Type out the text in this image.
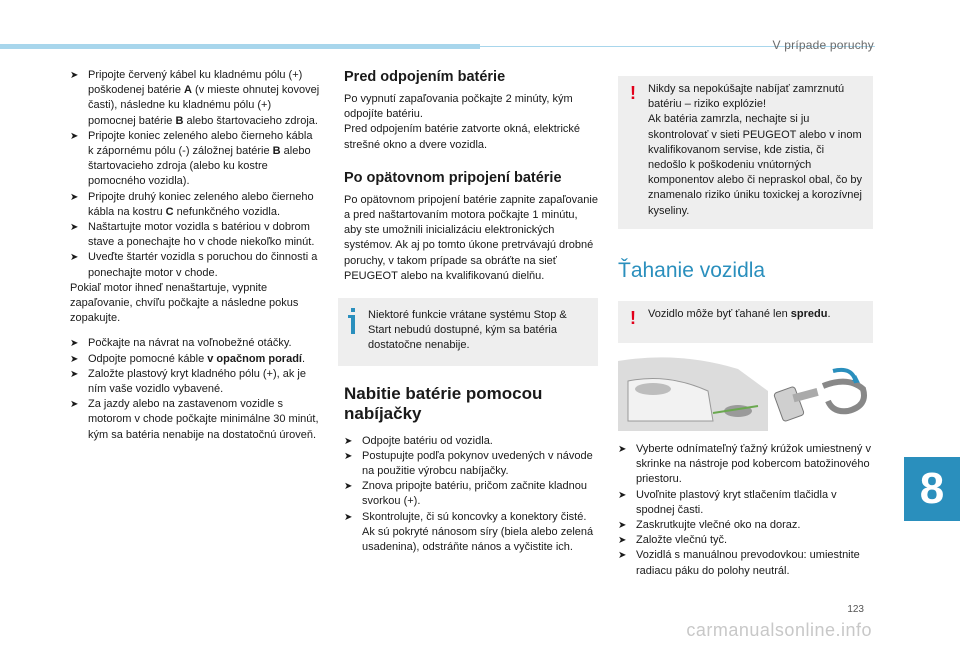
V prípade poruchy
➤ Pripojte červený kábel ku kladnému pólu (+) poškodenej batérie A (v mieste ohnutej kovovej časti), následne ku kladnému pólu (+) pomocnej batérie B alebo štartovacieho zdroja.
➤ Pripojte koniec zeleného alebo čierneho kábla k zápornému pólu (-) záložnej batérie B alebo štartovacieho zdroja (alebo ku kostre pomocného vozidla).
➤ Pripojte druhý koniec zeleného alebo čierneho kábla na kostru C nefunkčného vozidla.
➤ Naštartujte motor vozidla s batériou v dobrom stave a ponechajte ho v chode niekoľko minút.
➤ Uveďte štartér vozidla s poruchou do činnosti a ponechajte motor v chode.

Pokiaľ motor ihneď nenaštartuje, vypnite zapaľovanie, chvíľu počkajte a následne pokus zopakujte.

➤ Počkajte na návrat na voľnobežné otáčky.
➤ Odpojte pomocné káble v opačnom poradí.
➤ Založte plastový kryt kladného pólu (+), ak je ním vaše vozidlo vybavené.
➤ Za jazdy alebo na zastavenom vozidle s motorom v chode počkajte minimálne 30 minút, kým sa batéria nenabije na dostatočnú úroveň.
Pred odpojením batérie

Po vypnutí zapaľovania počkajte 2 minúty, kým odpojíte batériu.

Pred odpojením batérie zatvorte okná, elektrické strešné okno a dvere vozidla.

Po opätovnom pripojení batérie

Po opätovnom pripojení batérie zapnite zapaľovanie a pred naštartovaním motora počkajte 1 minútu, aby ste umožnili inicializáciu elektronických systémov. Ak aj po tomto úkone pretrvávajú drobné poruchy, v takom prípade sa obráťte na sieť PEUGEOT alebo na kvalifikovanú dielňu.

Niektoré funkcie vrátane systému Stop & Start nebudú dostupné, kým sa batéria dostatočne nenabije.

Nabitie batérie pomocou nabíjačky
➤ Odpojte batériu od vozidla.
➤ Postupujte podľa pokynov uvedených v návode na použitie výrobcu nabíjačky.
➤ Znova pripojte batériu, pričom začnite kladnou svorkou (+).
➤ Skontrolujte, či sú koncovky a konektory čisté. Ak sú pokryté nánosom síry (biela alebo zelená usadenina), odstráňte nános a vyčistite ich.
! Nikdy sa nepokúšajte nabíjať zamrznutú batériu – riziko explózie!
Ak batéria zamrzla, nechajte si ju skontrolovať v sieti PEUGEOT alebo v inom kvalifikovanom servise, kde zistia, či nedošlo k poškodeniu vnútorných komponentov alebo či nepraskol obal, čo by znamenalo riziko úniku toxickej a korozívnej kyseliny.

Ťahanie vozidla
! Vozidlo môže byť ťahané len spredu.

➤ Vyberte odnímateľný ťažný krúžok umiestnený v skrinke na nástroje pod kobercom batožinového priestoru.
➤ Uvoľnite plastový kryt stlačením tlačidla v spodnej časti.
➤ Zaskrutkujte vlečné oko na doraz.
➤ Založte vlečnú tyč.
➤ Vozidlá s manuálnou prevodovkou: umiestnite radiacu páku do polohy neutrál.
8
123
carmanualsonline.info
